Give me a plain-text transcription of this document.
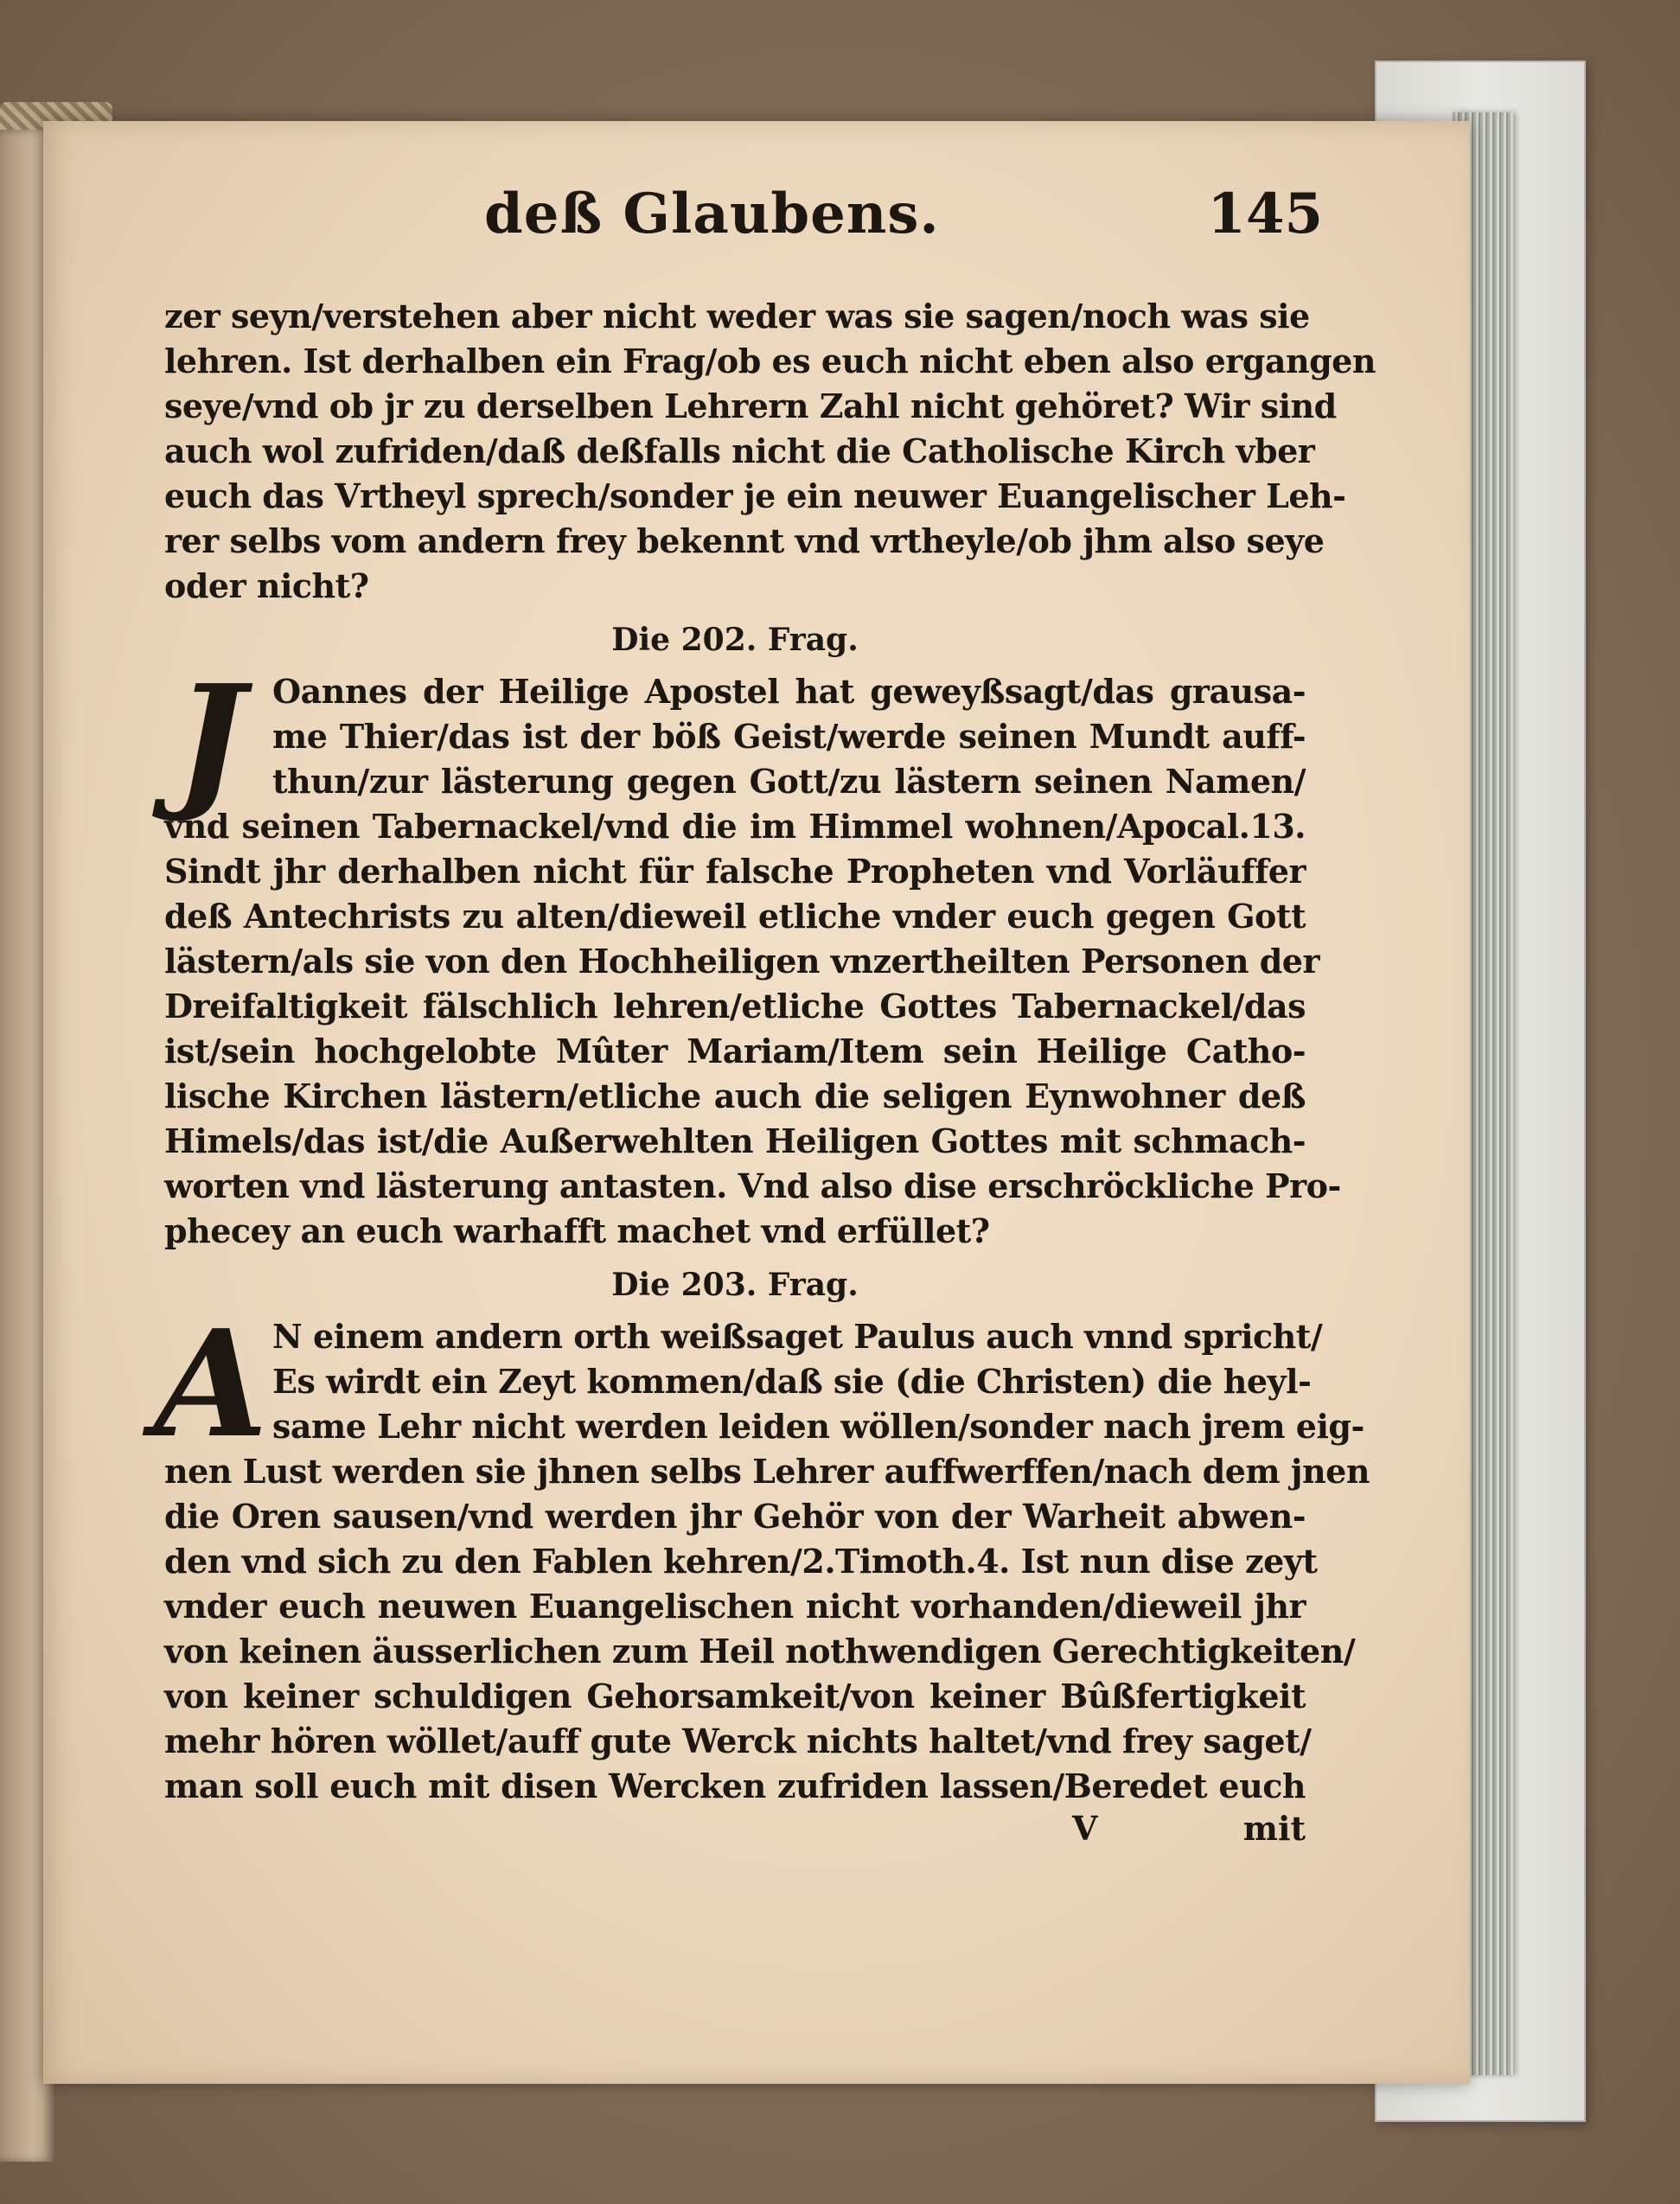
deß Glaubens.	145
zer seyn/verstehen aber nicht weder was sie sagen/noch was sie
lehren. Ist derhalben ein Frag/ob es euch nicht eben also ergangen
seye/vnd ob jr zu derselben Lehrern Zahl nicht gehöret? Wir sind
auch wol zufriden/daß deßfalls nicht die Catholische Kirch vber
euch das Vrtheyl sprech/sonder je ein neuwer Euangelischer Leh-
rer selbs vom andern frey bekennt vnd vrtheyle/ob jhm also seye
oder nicht?
Die 202. Frag.
J Oannes der Heilige Apostel hat geweyßsagt/das grausa-
me Thier/das ist der böß Geist/werde seinen Mundt auff-
thun/zur lästerung gegen Gott/zu lästern seinen Namen/
vnd seinen Tabernackel/vnd die im Himmel wohnen/Apocal.13.
Sindt jhr derhalben nicht für falsche Propheten vnd Vorläuffer
deß Antechrists zu alten/dieweil etliche vnder euch gegen Gott
lästern/als sie von den Hochheiligen vnzertheilten Personen der
Dreifaltigkeit fälschlich lehren/etliche Gottes Tabernackel/das
ist/sein hochgelobte Mûter Mariam/Item sein Heilige Catho-
lische Kirchen lästern/etliche auch die seligen Eynwohner deß
Himels/das ist/die Außerwehlten Heiligen Gottes mit schmach-
worten vnd lästerung antasten. Vnd also dise erschröckliche Pro-
phecey an euch warhafft machet vnd erfüllet?
Die 203. Frag.
A N einem andern orth weißsaget Paulus auch vnnd spricht/
Es wirdt ein Zeyt kommen/daß sie (die Christen) die heyl-
same Lehr nicht werden leiden wöllen/sonder nach jrem eig-
nen Lust werden sie jhnen selbs Lehrer auffwerffen/nach dem jnen
die Oren sausen/vnd werden jhr Gehör von der Warheit abwen-
den vnd sich zu den Fablen kehren/2.Timoth.4. Ist nun dise zeyt
vnder euch neuwen Euangelischen nicht vorhanden/dieweil jhr
von keinen äusserlichen zum Heil nothwendigen Gerechtigkeiten/
von keiner schuldigen Gehorsamkeit/von keiner Bûßfertigkeit
mehr hören wöllet/auff gute Werck nichts haltet/vnd frey saget/
man soll euch mit disen Wercken zufriden lassen/Beredet euch
V	mit
